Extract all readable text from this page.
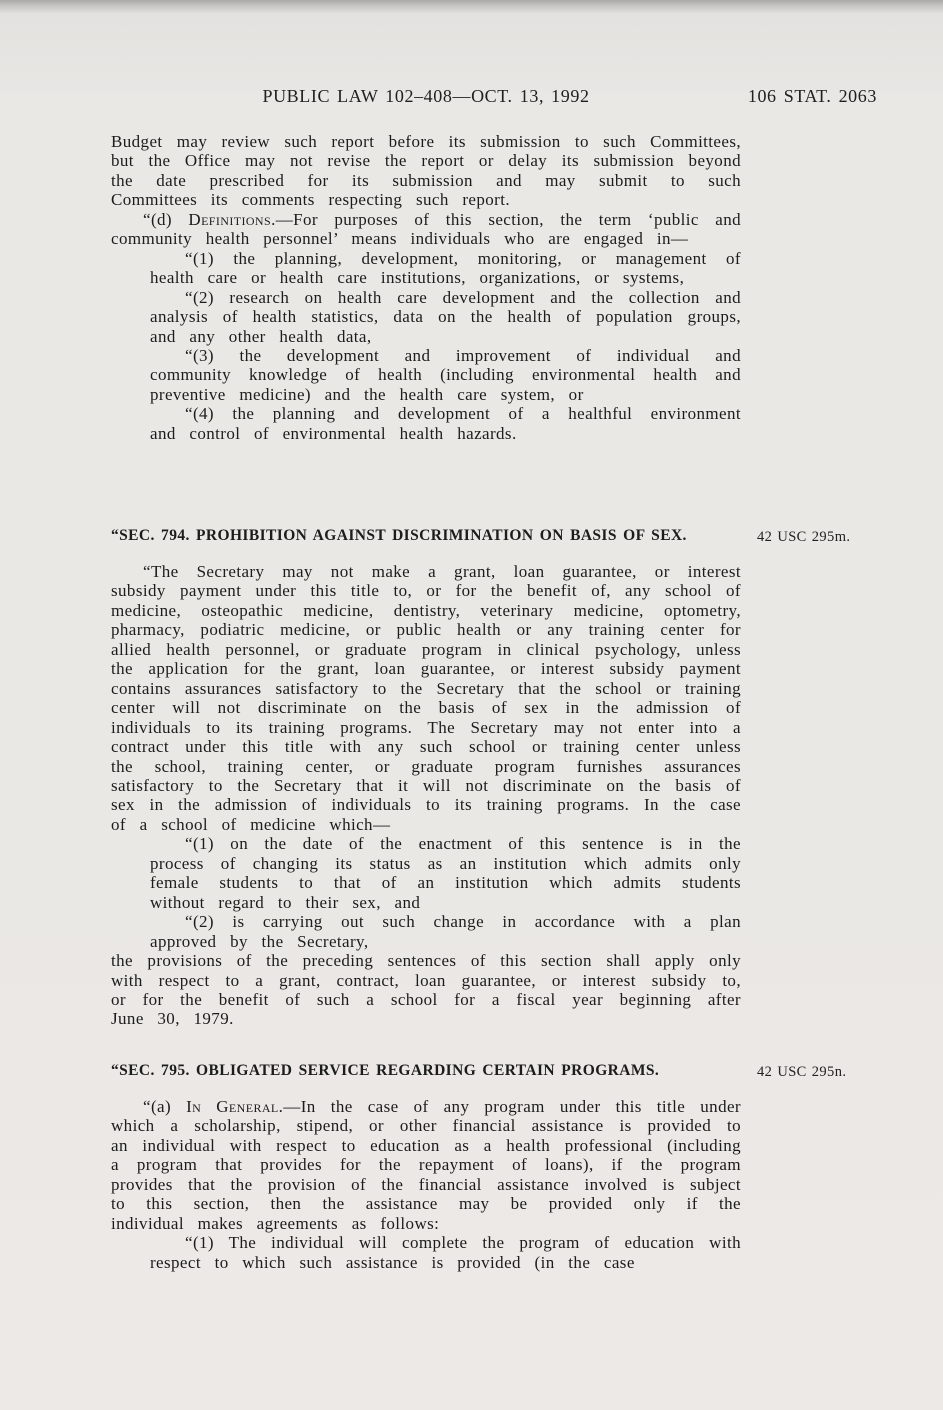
PUBLIC LAW 102–408—OCT. 13, 1992	106 STAT. 2063
Budget may review such report before its submission to such Committees, but the Office may not revise the report or delay its submission beyond the date prescribed for its submission and may submit to such Committees its comments respecting such report.
“(d) Definitions.—For purposes of this section, the term ‘public and community health personnel’ means individuals who are engaged in—
“(1) the planning, development, monitoring, or management of health care or health care institutions, organizations, or systems,
“(2) research on health care development and the collection and analysis of health statistics, data on the health of population groups, and any other health data,
“(3) the development and improvement of individual and community knowledge of health (including environmental health and preventive medicine) and the health care system, or
“(4) the planning and development of a healthful environment and control of environmental health hazards.
“SEC. 794. PROHIBITION AGAINST DISCRIMINATION ON BASIS OF SEX.	42 USC 295m.
“The Secretary may not make a grant, loan guarantee, or interest subsidy payment under this title to, or for the benefit of, any school of medicine, osteopathic medicine, dentistry, veterinary medicine, optometry, pharmacy, podiatric medicine, or public health or any training center for allied health personnel, or graduate program in clinical psychology, unless the application for the grant, loan guarantee, or interest subsidy payment contains assurances satisfactory to the Secretary that the school or training center will not discriminate on the basis of sex in the admission of individuals to its training programs. The Secretary may not enter into a contract under this title with any such school or training center unless the school, training center, or graduate program furnishes assurances satisfactory to the Secretary that it will not discriminate on the basis of sex in the admission of individuals to its training programs. In the case of a school of medicine which—
“(1) on the date of the enactment of this sentence is in the process of changing its status as an institution which admits only female students to that of an institution which admits students without regard to their sex, and
“(2) is carrying out such change in accordance with a plan approved by the Secretary,
the provisions of the preceding sentences of this section shall apply only with respect to a grant, contract, loan guarantee, or interest subsidy to, or for the benefit of such a school for a fiscal year beginning after June 30, 1979.
“SEC. 795. OBLIGATED SERVICE REGARDING CERTAIN PROGRAMS.	42 USC 295n.
“(a) In General.—In the case of any program under this title under which a scholarship, stipend, or other financial assistance is provided to an individual with respect to education as a health professional (including a program that provides for the repayment of loans), if the program provides that the provision of the financial assistance involved is subject to this section, then the assistance may be provided only if the individual makes agreements as follows:
“(1) The individual will complete the program of education with respect to which such assistance is provided (in the case
